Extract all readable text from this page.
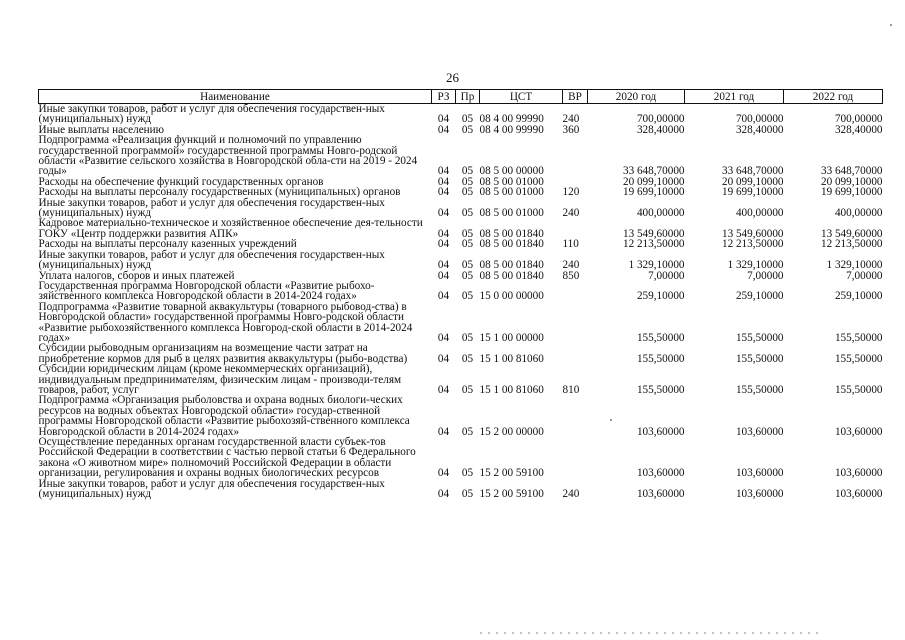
26
Наименование	РЗ	Пр	ЦСТ	ВР	2020 год	2021 год	2022 год
Иные закупки товаров, работ и услуг для обеспечения государствен-ных (муниципальных) нужд	04	05	08 4 00 99990	240	700,00000	700,00000	700,00000
Иные выплаты населению	04	05	08 4 00 99990	360	328,40000	328,40000	328,40000
Подпрограмма «Реализация функций и полномочий по управлению государственной программой» государственной программы Новго-родской области «Развитие сельского хозяйства в Новгородской обла-сти на 2019 - 2024 годы»	04	05	08 5 00 00000		33 648,70000	33 648,70000	33 648,70000
Расходы на обеспечение функций государственных органов	04	05	08 5 00 01000		20 099,10000	20 099,10000	20 099,10000
Расходы на выплаты персоналу государственных (муниципальных) органов	04	05	08 5 00 01000	120	19 699,10000	19 699,10000	19 699,10000
Иные закупки товаров, работ и услуг для обеспечения государствен-ных (муниципальных) нужд	04	05	08 5 00 01000	240	400,00000	400,00000	400,00000
Кадровое материально-техническое и хозяйственное обеспечение дея-тельности ГОКУ «Центр поддержки развития АПК»	04	05	08 5 00 01840		13 549,60000	13 549,60000	13 549,60000
Расходы на выплаты персоналу казенных учреждений	04	05	08 5 00 01840	110	12 213,50000	12 213,50000	12 213,50000
Иные закупки товаров, работ и услуг для обеспечения государствен-ных (муниципальных) нужд	04	05	08 5 00 01840	240	1 329,10000	1 329,10000	1 329,10000
Уплата налогов, сборов и иных платежей	04	05	08 5 00 01840	850	7,00000	7,00000	7,00000
Государственная программа Новгородской области «Развитие рыбохо-зяйственного комплекса Новгородской области в 2014-2024 годах»	04	05	15 0 00 00000		259,10000	259,10000	259,10000
Подпрограмма «Развитие товарной аквакультуры (товарного рыбовод-ства) в Новгородской области» государственной программы Новго-родской области «Развитие рыбохозяйственного комплекса Новгород-ской области в 2014-2024 годах»	04	05	15 1 00 00000		155,50000	155,50000	155,50000
Субсидии рыбоводным организациям на возмещение части затрат на приобретение кормов для рыб в целях развития аквакультуры (рыбо-водства)	04	05	15 1 00 81060		155,50000	155,50000	155,50000
Субсидии юридическим лицам (кроме некоммерческих организаций), индивидуальным предпринимателям, физическим лицам - производи-телям товаров, работ, услуг	04	05	15 1 00 81060	810	155,50000	155,50000	155,50000
Подпрограмма «Организация рыболовства и охрана водных биологи-ческих ресурсов на водных объектах Новгородской области» государ-ственной программы Новгородской области «Развитие рыбохозяй-ственного комплекса Новгородской области в 2014-2024 годах»	04	05	15 2 00 00000		103,60000	103,60000	103,60000
Осуществление переданных органам государственной власти субъек-тов Российской Федерации в соответствии с частью первой статьи 6 Федерального закона «О животном мире» полномочий Российской Федерации в области организации, регулирования и охраны водных биологических ресурсов	04	05	15 2 00 59100		103,60000	103,60000	103,60000
Иные закупки товаров, работ и услуг для обеспечения государствен-ных (муниципальных) нужд	04	05	15 2 00 59100	240	103,60000	103,60000	103,60000
